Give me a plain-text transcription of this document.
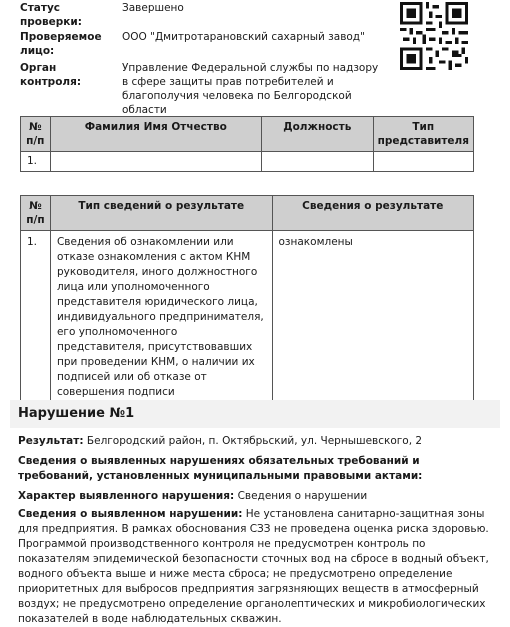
Статус проверки:
Завершено
Проверяемое лицо:
ООО "Дмитротарановский сахарный завод"
Орган контроля:
Управление Федеральной службы по надзору в сфере защиты прав потребителей и благополучия человека по Белгородской области
№ п/п	Фамилия Имя Отчество	Должность	Тип представителя
1.			
№ п/п	Тип сведений о результате	Сведения о результате
1.	Сведения об ознакомлении или отказе ознакомления с актом КНМ руководителя, иного должностного лица или уполномоченного представителя юридического лица, индивидуального предпринимателя, его уполномоченного представителя, присутствовавших при проведении КНМ, о наличии их подписей или об отказе от совершения подписи	ознакомлены
Нарушение №1
Результат: Белгородский район, п. Октябрьский, ул. Чернышевского, 2
Сведения о выявленных нарушениях обязательных требований и требований, установленных муниципальными правовыми актами:
Характер выявленного нарушения: Сведения о нарушении
Сведения о выявленном нарушении: Не установлена санитарно-защитная зоны для предприятия. В рамках обоснования СЗЗ не проведена оценка риска здоровью. Программой производственного контроля не предусмотрен контроль по показателям эпидемической безопасности сточных вод на сбросе в водный объект, водного объекта выше и ниже места сброса; не предусмотрено определение приоритетных для выбросов предприятия загрязняющих веществ в атмосферный воздух; не предусмотрено определение органолептических и микробиологических показателей в воде наблюдательных скважин.
